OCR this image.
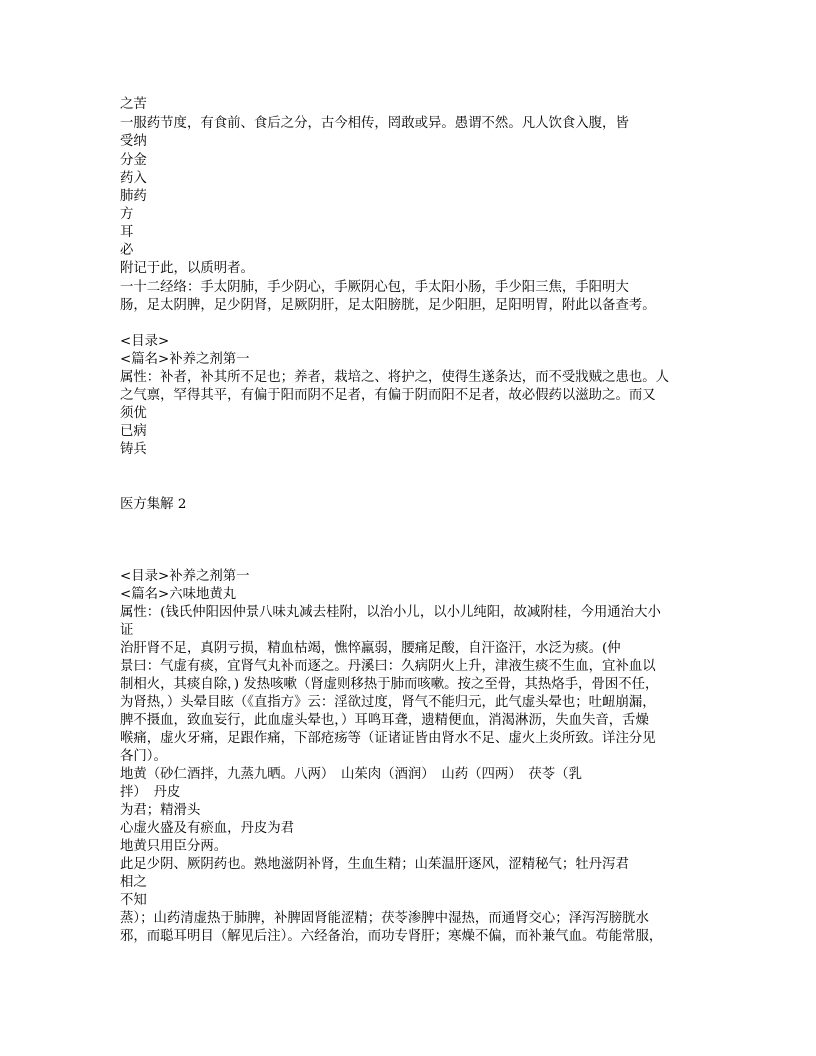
之苦
一服药节度，有食前、食后之分，古今相传，罔敢或异。愚谓不然。凡人饮食入腹，皆
受纳
分金
药入
肺药
方
耳
必
附记于此，以质明者。
一十二经络：手太阴肺，手少阴心，手厥阴心包，手太阳小肠，手少阳三焦，手阳明大
肠，足太阴脾，足少阴肾，足厥阴肝，足太阳膀胱，足少阳胆，足阳明胃，附此以备查考。
<目录>
<篇名>补养之剂第一
属性：补者，补其所不足也；养者，栽培之、将护之，使得生遂条达，而不受戕贼之患也。人
之气禀，罕得其平，有偏于阳而阴不足者，有偏于阴而阳不足者，故必假药以滋助之。而又
须优
已病
铸兵
医方集解 2
<目录>补养之剂第一
<篇名>六味地黄丸
属性：(钱氏仲阳因仲景八味丸减去桂附，以治小儿，以小儿纯阳，故减附桂，今用通治大小
证
治肝肾不足，真阴亏损，精血枯竭，憔悴羸弱，腰痛足酸，自汗盗汗，水泛为痰。(仲
景曰：气虚有痰，宜肾气丸补而逐之。丹溪曰：久病阴火上升，津液生痰不生血，宜补血以
制相火，其痰自除，) 发热咳嗽（肾虚则移热于肺而咳嗽。按之至骨，其热烙手，骨困不任，
为肾热，）头晕目眩（《直指方》云：淫欲过度，肾气不能归元，此气虚头晕也；吐衄崩漏，
脾不摄血，致血妄行，此血虚头晕也，）耳鸣耳聋，遗精便血，消渴淋沥，失血失音，舌燥
喉痛，虚火牙痛，足跟作痛，下部疮疡等（证诸证皆由肾水不足、虚火上炎所致。详注分见
各门）。
地黄（砂仁酒拌，九蒸九晒。八两）　山茱肉（酒润）　山药（四两）　茯苓（乳
拌）　丹皮
为君；精滑头
心虚火盛及有瘀血，丹皮为君
地黄只用臣分两。
此足少阴、厥阴药也。熟地滋阴补肾，生血生精；山茱温肝逐风，涩精秘气；牡丹泻君
相之
不知
蒸）；山药清虚热于肺脾，补脾固肾能涩精；茯苓渗脾中湿热，而通肾交心；泽泻泻膀胱水
邪，而聪耳明目（解见后注）。六经备治，而功专肾肝；寒燥不偏，而补兼气血。苟能常服，
